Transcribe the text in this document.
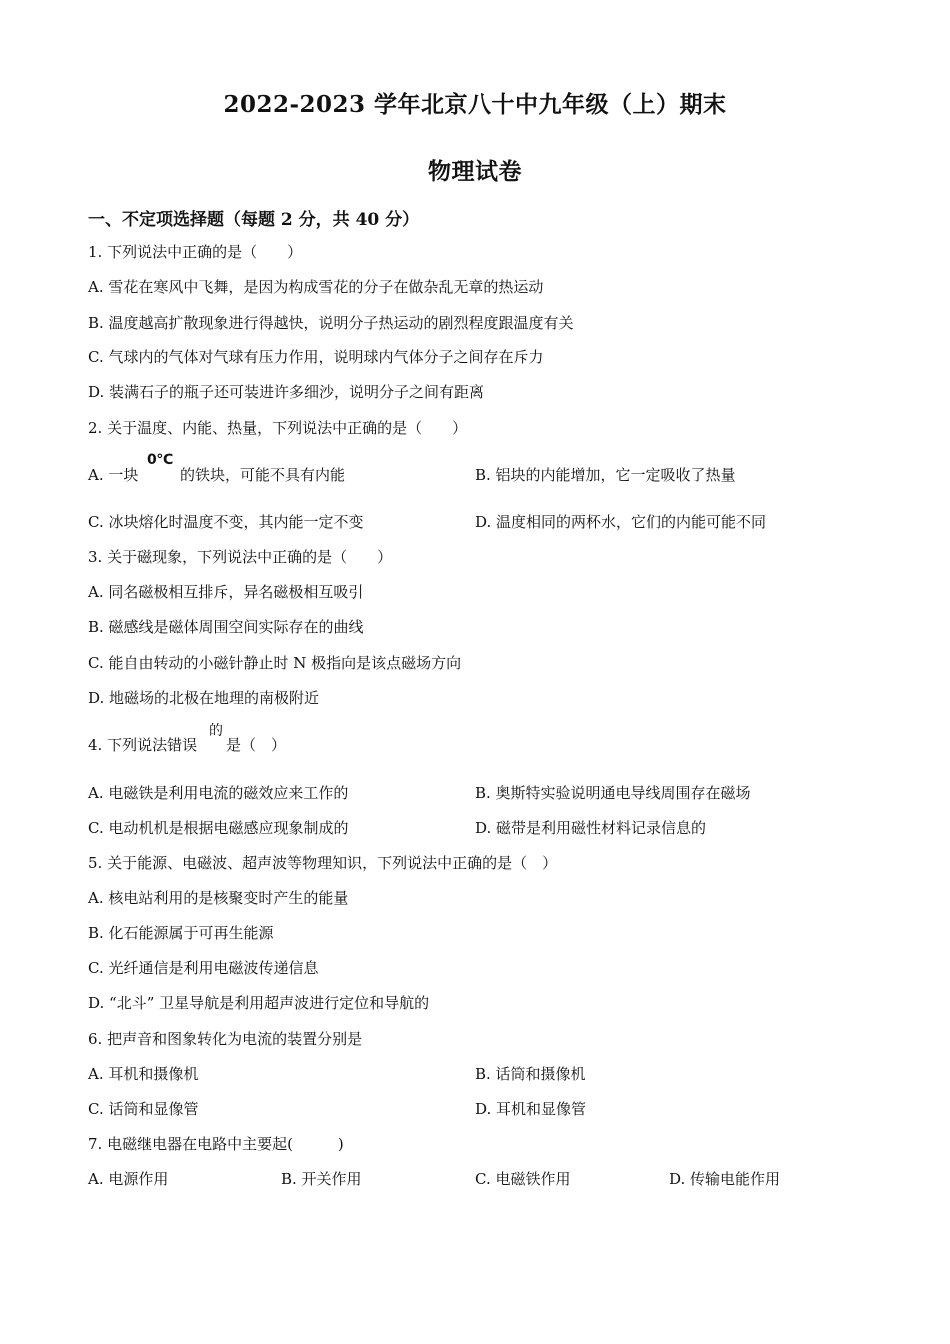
2022-2023 学年北京八十中九年级（上）期末
物理试卷
一、不定项选择题（每题 2 分，共 40 分）
1. 下列说法中正确的是（　　）
A. 雪花在寒风中飞舞，是因为构成雪花的分子在做杂乱无章的热运动
B. 温度越高扩散现象进行得越快，说明分子热运动的剧烈程度跟温度有关
C. 气球内的气体对气球有压力作用，说明球内气体分子之间存在斥力
D. 装满石子的瓶子还可装进许多细沙，说明分子之间有距离
2. 关于温度、内能、热量，下列说法中正确的是（　　）
A. 一块
0℃
的铁块，可能不具有内能	B. 铝块的内能增加，它一定吸收了热量
C. 冰块熔化时温度不变，其内能一定不变	D. 温度相同的两杯水，它们的内能可能不同
3. 关于磁现象，下列说法中正确的是（　　）
A. 同名磁极相互排斥，异名磁极相互吸引
B. 磁感线是磁体周围空间实际存在的曲线
C. 能自由转动的小磁针静止时 N 极指向是该点磁场方向
D. 地磁场的北极在地理的南极附近
4. 下列说法错误
的
是（　）
A. 电磁铁是利用电流的磁效应来工作的	B. 奥斯特实验说明通电导线周围存在磁场
C. 电动机机是根据电磁感应现象制成的	D. 磁带是利用磁性材料记录信息的
5. 关于能源、电磁波、超声波等物理知识，下列说法中正确的是（　）
A. 核电站利用的是核聚变时产生的能量
B. 化石能源属于可再生能源
C. 光纤通信是利用电磁波传递信息
D. “北斗” 卫星导航是利用超声波进行定位和导航的
6. 把声音和图象转化为电流的装置分别是
A. 耳机和摄像机	B. 话筒和摄像机
C. 话筒和显像管	D. 耳机和显像管
7. 电磁继电器在电路中主要起(　　　)
A. 电源作用	B. 开关作用	C. 电磁铁作用	D. 传输电能作用
